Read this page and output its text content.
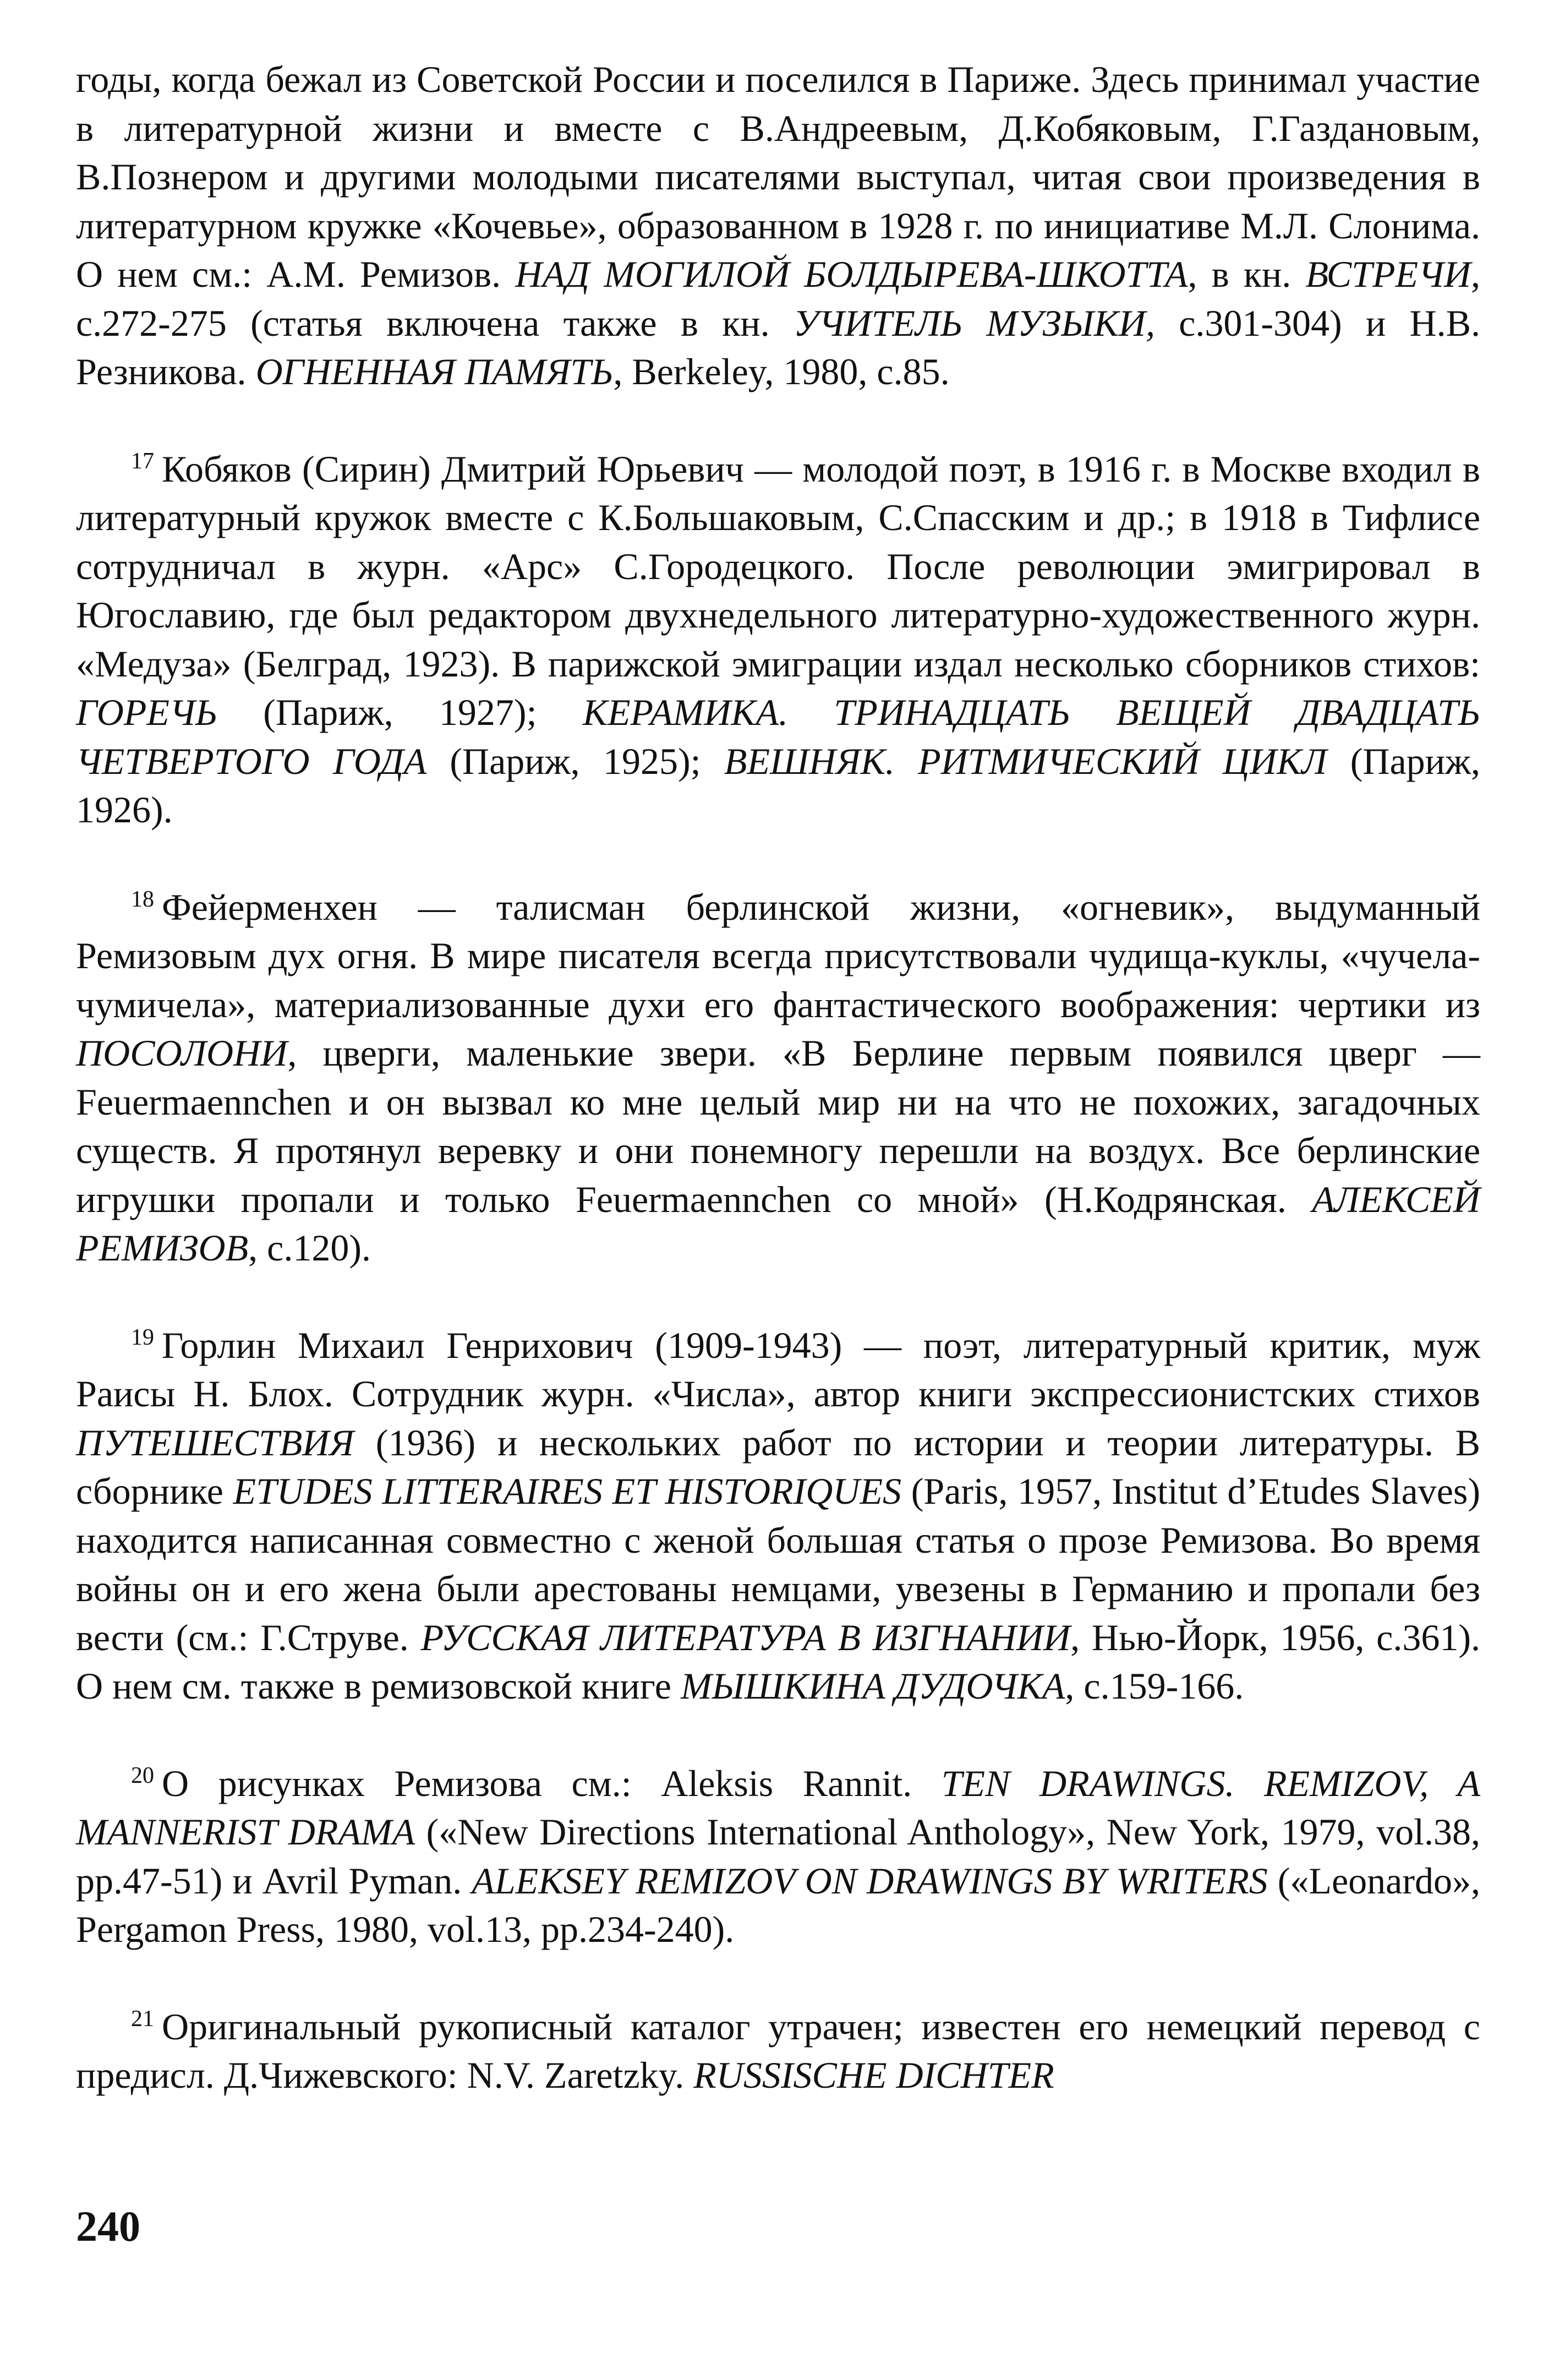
годы, когда бежал из Советской России и поселился в Париже. Здесь принимал участие в литературной жизни и вместе с В.Андреевым, Д.Кобяковым, Г.Газдановым, В.Познером и другими молодыми писателями выступал, читая свои произведения в литературном кружке «Кочевье», образованном в 1928 г. по инициативе М.Л. Слонима. О нем см.: А.М. Ремизов. НАД МОГИЛОЙ БОЛДЫРЕВА-ШКОТТА, в кн. ВСТРЕЧИ, с.272-275 (статья включена также в кн. УЧИТЕЛЬ МУЗЫКИ, с.301-304) и Н.В. Резникова. ОГНЕННАЯ ПАМЯТЬ, Berkeley, 1980, с.85.

$^{17}$ Кобяков (Сирин) Дмитрий Юрьевич — молодой поэт, в 1916 г. в Москве входил в литературный кружок вместе с К.Большаковым, С.Спасским и др.; в 1918 в Тифлисе сотрудничал в журн. «Арс» С.Городецкого. После революции эмигрировал в Югославию, где был редактором двухнедельного литературно-художественного журн. «Медуза» (Белград, 1923). В парижской эмиграции издал несколько сборников стихов: ГОРЕЧЬ (Париж, 1927); КЕРАМИКА. ТРИНАДЦАТЬ ВЕЩЕЙ ДВАДЦАТЬ ЧЕТВЕРТОГО ГОДА (Париж, 1925); ВЕШНЯК. РИТМИЧЕСКИЙ ЦИКЛ (Париж, 1926).

$^{18}$ Фейерменхен — талисман берлинской жизни, «огневик», выдуманный Ремизовым дух огня. В мире писателя всегда присутствовали чудища-куклы, «чучела-чумичела», материализованные духи его фантастического воображения: чертики из ПОСОЛОНИ, цверги, маленькие звери. «В Берлине первым появился цверг — Feuermaennchen и он вызвал ко мне целый мир ни на что не похожих, загадочных существ. Я протянул веревку и они понемногу перешли на воздух. Все берлинские игрушки пропали и только Feuermaennchen со мной» (Н.Кодрянская. АЛЕКСЕЙ РЕМИЗОВ, с.120).

$^{19}$ Горлин Михаил Генрихович (1909-1943) — поэт, литературный критик, муж Раисы Н. Блох. Сотрудник журн. «Числа», автор книги экспрессионистских стихов ПУТЕШЕСТВИЯ (1936) и нескольких работ по истории и теории литературы. В сборнике ETUDES LITTERAIRES ET HISTORIQUES (Paris, 1957, Institut d’Etudes Slaves) находится написанная совместно с женой большая статья о прозе Ремизова. Во время войны он и его жена были арестованы немцами, увезены в Германию и пропали без вести (см.: Г.Струве. РУССКАЯ ЛИТЕРАТУРА В ИЗГНАНИИ, Нью-Йорк, 1956, с.361). О нем см. также в ремизовской книге МЫШКИНА ДУДОЧКА, с.159-166.

$^{20}$ О рисунках Ремизова см.: Aleksis Rannit. TEN DRAWINGS. REMIZOV, A MANNERIST DRAMA («New Directions International Anthology», New York, 1979, vol.38, pp.47-51) и Avril Pyman. ALEKSEY REMIZOV ON DRAWINGS BY WRITERS («Leonardo», Pergamon Press, 1980, vol.13, pp.234-240).

$^{21}$ Оригинальный рукописный каталог утрачен; известен его немецкий перевод с предисл. Д.Чижевского: N.V. Zaretzky. RUSSISCHE DICHTER

240
